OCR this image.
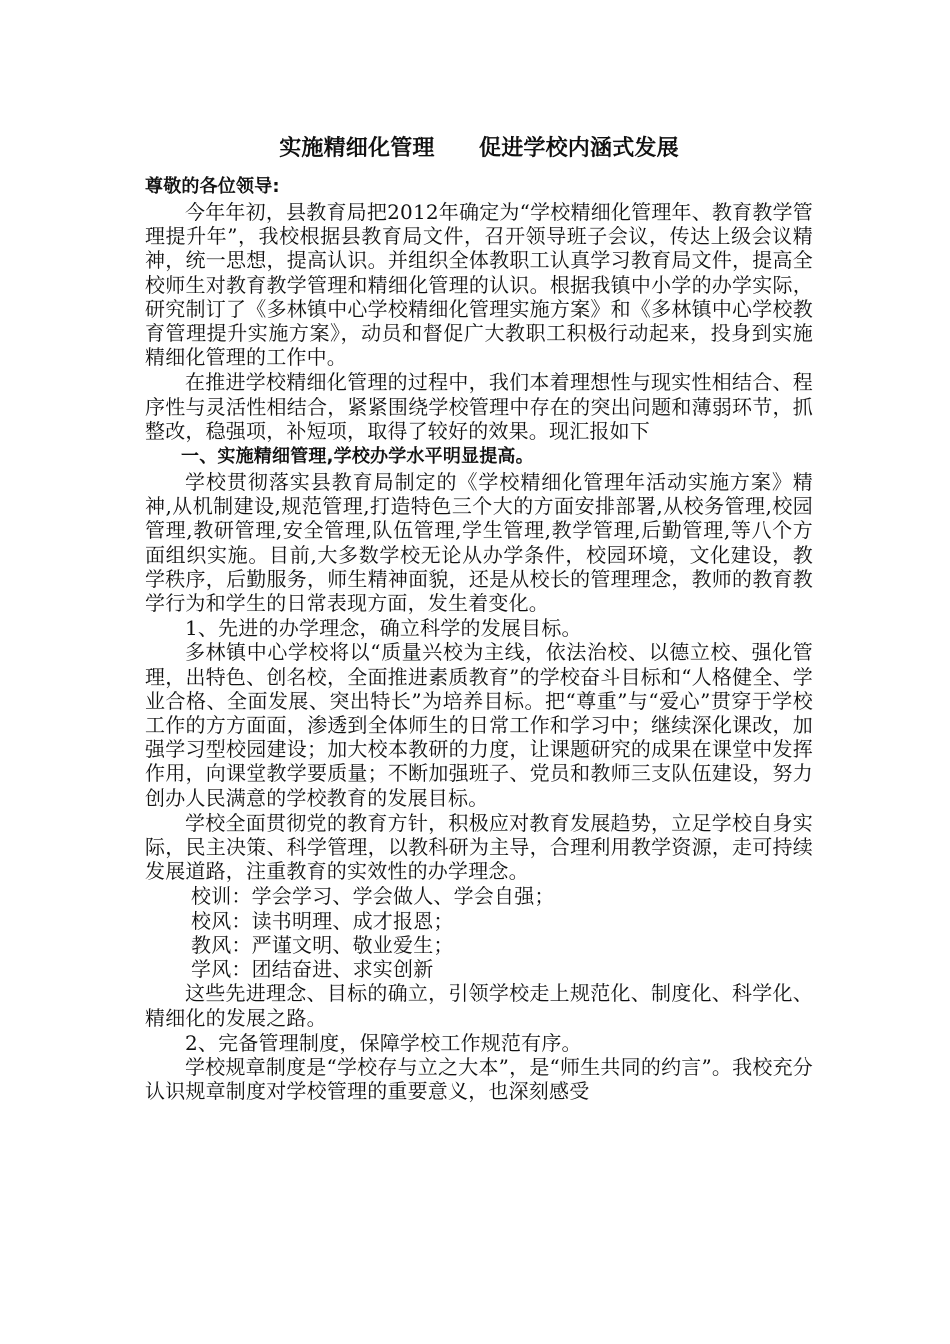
实施精细化管理　　促进学校内涵式发展

尊敬的各位领导:

今年年初，县教育局把2012年确定为“学校精细化管理年、教育教学管理提升年”，我校根据县教育局文件，召开领导班子会议，传达上级会议精神，统一思想，提高认识。并组织全体教职工认真学习教育局文件，提高全校师生对教育教学管理和精细化管理的认识。根据我镇中小学的办学实际，研究制订了《多林镇中心学校精细化管理实施方案》和《多林镇中心学校教育管理提升实施方案》，动员和督促广大教职工积极行动起来，投身到实施精细化管理的工作中。

在推进学校精细化管理的过程中，我们本着理想性与现实性相结合、程序性与灵活性相结合，紧紧围绕学校管理中存在的突出问题和薄弱环节，抓整改，稳强项，补短项，取得了较好的效果。现汇报如下

一、实施精细管理,学校办学水平明显提高。

学校贯彻落实县教育局制定的《学校精细化管理年活动实施方案》精神,从机制建设,规范管理,打造特色三个大的方面安排部署,从校务管理,校园管理,教研管理,安全管理,队伍管理,学生管理,教学管理,后勤管理,等八个方面组织实施。目前,大多数学校无论从办学条件，校园环境，文化建设，教学秩序，后勤服务，师生精神面貌，还是从校长的管理理念，教师的教育教学行为和学生的日常表现方面，发生着变化。

1、先进的办学理念，确立科学的发展目标。

多林镇中心学校将以“质量兴校为主线，依法治校、以德立校、强化管理，出特色、创名校，全面推进素质教育”的学校奋斗目标和“人格健全、学业合格、全面发展、突出特长”为培养目标。把“尊重”与“爱心”贯穿于学校工作的方方面面，渗透到全体师生的日常工作和学习中；继续深化课改，加强学习型校园建设；加大校本教研的力度，让课题研究的成果在课堂中发挥作用，向课堂教学要质量；不断加强班子、党员和教师三支队伍建设，努力创办人民满意的学校教育的发展目标。

学校全面贯彻党的教育方针，积极应对教育发展趋势，立足学校自身实际，民主决策、科学管理，以教科研为主导，合理利用教学资源，走可持续发展道路，注重教育的实效性的办学理念。

校训：学会学习、学会做人、学会自强；

校风：读书明理、成才报恩；

教风：严谨文明、敬业爱生；

学风：团结奋进、求实创新

这些先进理念、目标的确立，引领学校走上规范化、制度化、科学化、精细化的发展之路。

2、完备管理制度，保障学校工作规范有序。

学校规章制度是“学校存与立之大本”，是“师生共同的约言”。我校充分认识规章制度对学校管理的重要意义，也深刻感受
